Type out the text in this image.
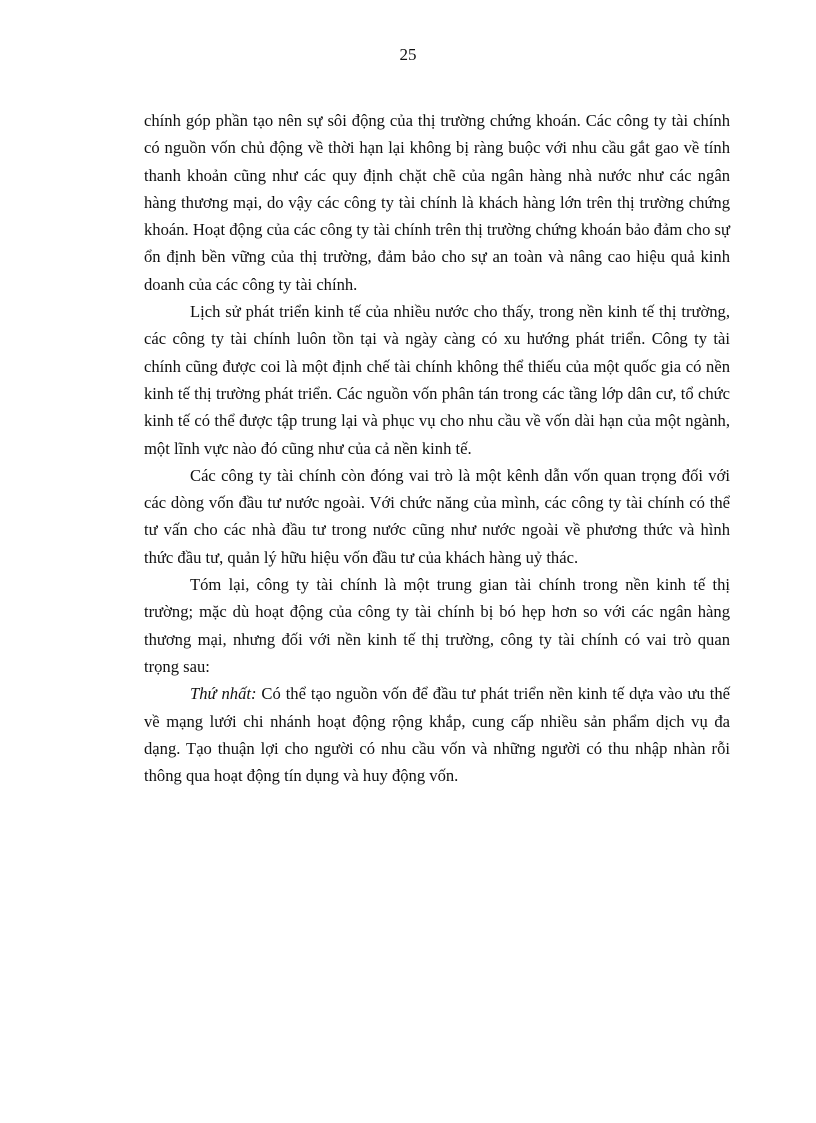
25

chính góp phần tạo nên sự sôi động của thị trường chứng khoán. Các công ty tài chính có nguồn vốn chủ động về thời hạn lại không bị ràng buộc với nhu cầu gắt gao về tính thanh khoản cũng như các quy định chặt chẽ của ngân hàng nhà nước như các ngân hàng thương mại, do vậy các công ty tài chính là khách hàng lớn trên thị trường chứng khoán. Hoạt động của các công ty tài chính trên thị trường chứng khoán bảo đảm cho sự ổn định bền vững của thị trường, đảm bảo cho sự an toàn và nâng cao hiệu quả kinh doanh của các công ty tài chính.

Lịch sử phát triển kinh tế của nhiều nước cho thấy, trong nền kinh tế thị trường, các công ty tài chính luôn tồn tại và ngày càng có xu hướng phát triển. Công ty tài chính cũng được coi là một định chế tài chính không thể thiếu của một quốc gia có nền kinh tế thị trường phát triển. Các nguồn vốn phân tán trong các tầng lớp dân cư, tổ chức kinh tế có thể được tập trung lại và phục vụ cho nhu cầu về vốn dài hạn của một ngành, một lĩnh vực nào đó cũng như của cả nền kinh tế.

Các công ty tài chính còn đóng vai trò là một kênh dẫn vốn quan trọng đối với các dòng vốn đầu tư nước ngoài. Với chức năng của mình, các công ty tài chính có thể tư vấn cho các nhà đầu tư trong nước cũng như nước ngoài về phương thức và hình thức đầu tư, quản lý hữu hiệu vốn đầu tư của khách hàng uỷ thác.

Tóm lại, công ty tài chính là một trung gian tài chính trong nền kinh tế thị trường; mặc dù hoạt động của công ty tài chính bị bó hẹp hơn so với các ngân hàng thương mại, nhưng đối với nền kinh tế thị trường, công ty tài chính có vai trò quan trọng sau:

Thứ nhất: Có thể tạo nguồn vốn để đầu tư phát triển nền kinh tế dựa vào ưu thế về mạng lưới chi nhánh hoạt động rộng khắp, cung cấp nhiều sản phẩm dịch vụ đa dạng. Tạo thuận lợi cho người có nhu cầu vốn và những người có thu nhập nhàn rỗi thông qua hoạt động tín dụng và huy động vốn.
